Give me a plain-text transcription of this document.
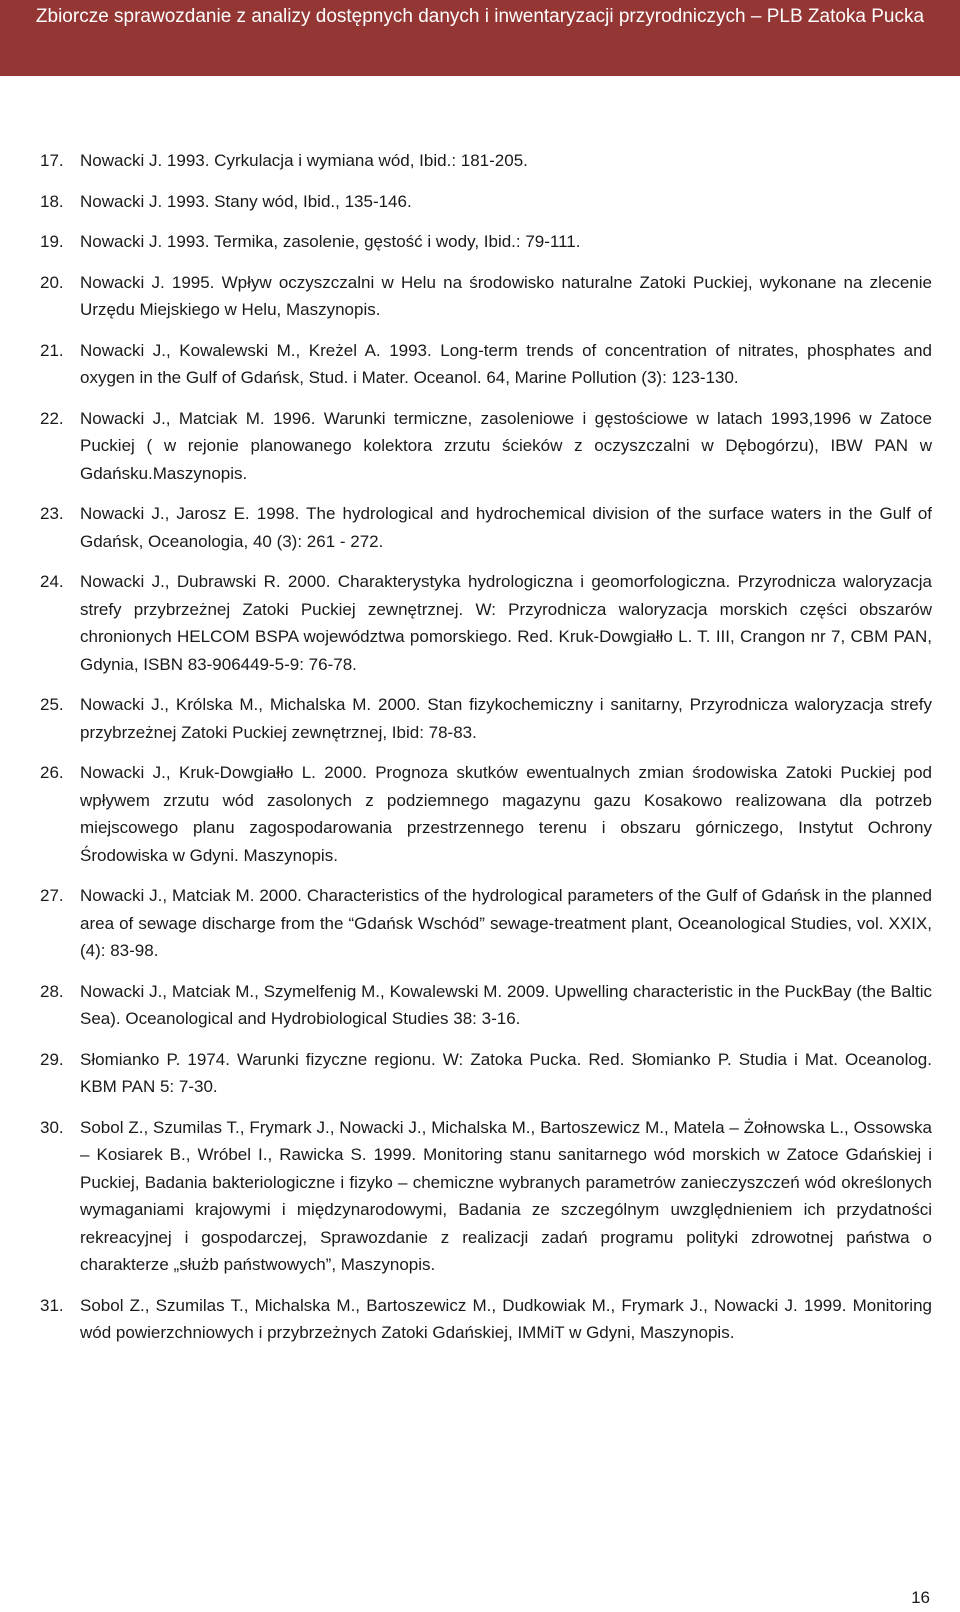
Zbiorcze sprawozdanie z analizy dostępnych danych i inwentaryzacji przyrodniczych – PLB Zatoka Pucka
17. Nowacki J. 1993. Cyrkulacja i wymiana wód, Ibid.: 181-205.
18. Nowacki J. 1993. Stany wód, Ibid., 135-146.
19. Nowacki J. 1993. Termika, zasolenie, gęstość i wody, Ibid.: 79-111.
20. Nowacki J. 1995. Wpływ oczyszczalni w Helu na środowisko naturalne Zatoki Puckiej, wykonane na zlecenie Urzędu Miejskiego w Helu, Maszynopis.
21. Nowacki J., Kowalewski M., Kreżel A. 1993. Long-term trends of concentration of nitrates, phosphates and oxygen in the Gulf of Gdańsk, Stud. i Mater. Oceanol. 64, Marine Pollution (3): 123-130.
22. Nowacki J., Matciak M. 1996. Warunki termiczne, zasoleniowe i gęstościowe w latach 1993,1996 w Zatoce Puckiej ( w rejonie planowanego kolektora zrzutu ścieków z oczyszczalni w Dębogórzu), IBW PAN w Gdańsku.Maszynopis.
23. Nowacki J., Jarosz E. 1998. The hydrological and hydrochemical division of the surface waters in the Gulf of Gdańsk, Oceanologia, 40 (3): 261 - 272.
24. Nowacki J., Dubrawski R. 2000. Charakterystyka hydrologiczna i geomorfologiczna. Przyrodnicza waloryzacja strefy przybrzeżnej Zatoki Puckiej zewnętrznej. W: Przyrodnicza waloryzacja morskich części obszarów chronionych HELCOM BSPA województwa pomorskiego. Red. Kruk-Dowgiałło L. T. III, Crangon nr 7, CBM PAN, Gdynia, ISBN 83-906449-5-9: 76-78.
25. Nowacki J., Królska M., Michalska M. 2000. Stan fizykochemiczny i sanitarny, Przyrodnicza waloryzacja strefy przybrzeżnej Zatoki Puckiej zewnętrznej, Ibid: 78-83.
26. Nowacki J., Kruk-Dowgiałło L. 2000. Prognoza skutków ewentualnych zmian środowiska Zatoki Puckiej pod wpływem zrzutu wód zasolonych z podziemnego magazynu gazu Kosakowo realizowana dla potrzeb miejscowego planu zagospodarowania przestrzennego terenu i obszaru górniczego, Instytut Ochrony Środowiska w Gdyni. Maszynopis.
27. Nowacki J., Matciak M. 2000. Characteristics of the hydrological parameters of the Gulf of Gdańsk in the planned area of sewage discharge from the “Gdańsk Wschód” sewage-treatment plant, Oceanological Studies, vol. XXIX, (4): 83-98.
28. Nowacki J., Matciak M., Szymelfenig M., Kowalewski M. 2009. Upwelling characteristic in the PuckBay (the Baltic Sea). Oceanological and Hydrobiological Studies 38: 3-16.
29. Słomianko P. 1974. Warunki fizyczne regionu. W: Zatoka Pucka. Red. Słomianko P. Studia i Mat. Oceanolog. KBM PAN 5: 7-30.
30. Sobol Z., Szumilas T., Frymark J., Nowacki J., Michalska M., Bartoszewicz M., Matela – Żołnowska L., Ossowska – Kosiarek B., Wróbel I., Rawicka S. 1999. Monitoring stanu sanitarnego wód morskich w Zatoce Gdańskiej i Puckiej, Badania bakteriologiczne i fizyko – chemiczne wybranych parametrów zanieczyszczeń wód określonych wymaganiami krajowymi i międzynarodowymi, Badania ze szczególnym uwzględnieniem ich przydatności rekreacyjnej i gospodarczej, Sprawozdanie z realizacji zadań programu polityki zdrowotnej państwa o charakterze „służb państwowych”, Maszynopis.
31. Sobol Z., Szumilas T., Michalska M., Bartoszewicz M., Dudkowiak M., Frymark J., Nowacki J. 1999. Monitoring wód powierzchniowych i przybrzeżnych Zatoki Gdańskiej, IMMiT w Gdyni, Maszynopis.
16
